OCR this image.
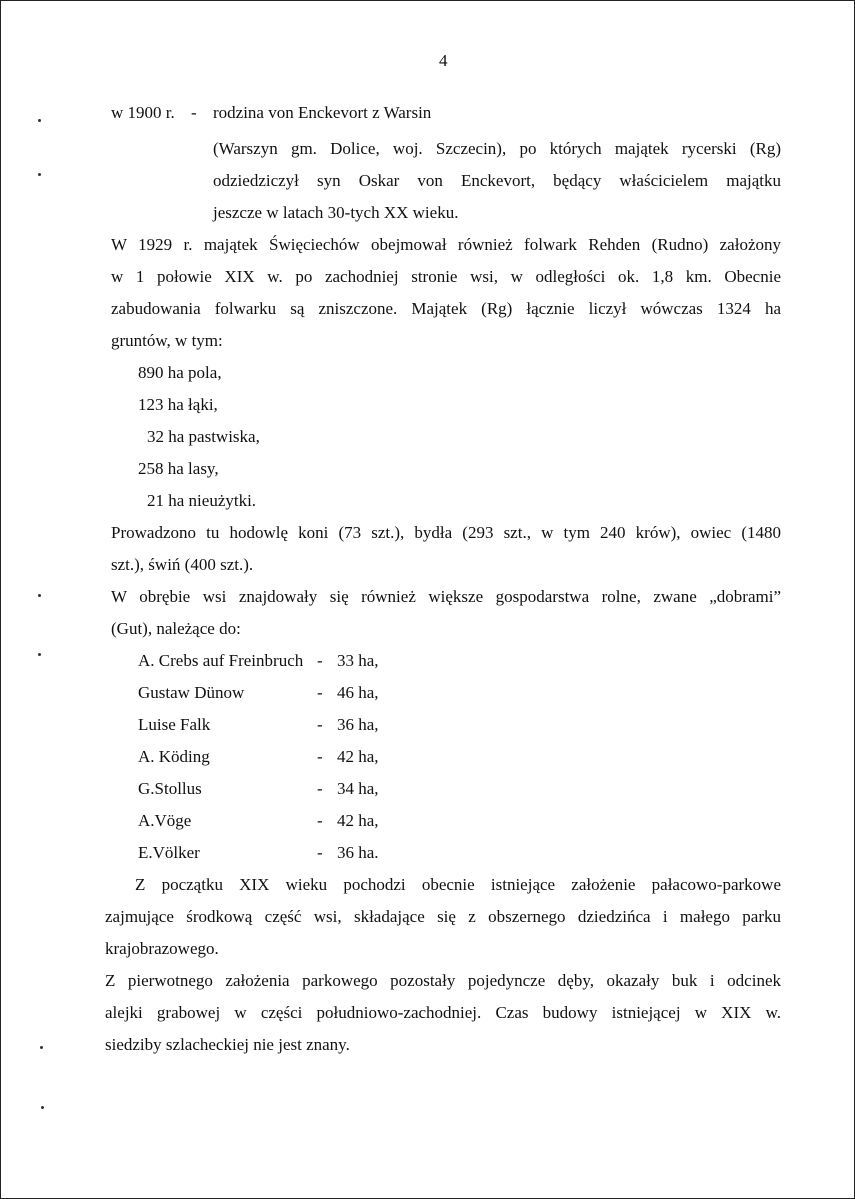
4
w 1900 r. - rodzina von Enckevort z Warsin
(Warszyn gm. Dolice, woj. Szczecin), po których majątek rycerski (Rg)
odziedziczył syn Oskar von Enckevort, będący właścicielem majątku
jeszcze w latach 30-tych XX wieku.
W 1929 r. majątek Święciechów obejmował również folwark Rehden (Rudno) założony
w 1 połowie XIX w. po zachodniej stronie wsi, w odległości ok. 1,8 km. Obecnie
zabudowania folwarku są zniszczone. Majątek (Rg) łącznie liczył wówczas 1324 ha
gruntów, w tym:
890 ha pola,
123 ha łąki,
32 ha pastwiska,
258 ha lasy,
21 ha nieużytki.
Prowadzono tu hodowlę koni (73 szt.), bydła (293 szt., w tym 240 krów), owiec (1480
szt.), świń (400 szt.).
W obrębie wsi znajdowały się również większe gospodarstwa rolne, zwane „dobrami”
(Gut), należące do:
A. Crebs auf Freinbruch - 33 ha,
Gustaw Dünow	- 46 ha,
Luise Falk	- 36 ha,
A. Köding	- 42 ha,
G.Stollus	- 34 ha,
A.Vöge	- 42 ha,
E.Völker	- 36 ha.
Z początku XIX wieku pochodzi obecnie istniejące założenie pałacowo-parkowe
zajmujące środkową część wsi, składające się z obszernego dziedzińca i małego parku
krajobrazowego.
Z pierwotnego założenia parkowego pozostały pojedyncze dęby, okazały buk i odcinek
alejki grabowej w części południowo-zachodniej. Czas budowy istniejącej w XIX w.
siedziby szlacheckiej nie jest znany.
